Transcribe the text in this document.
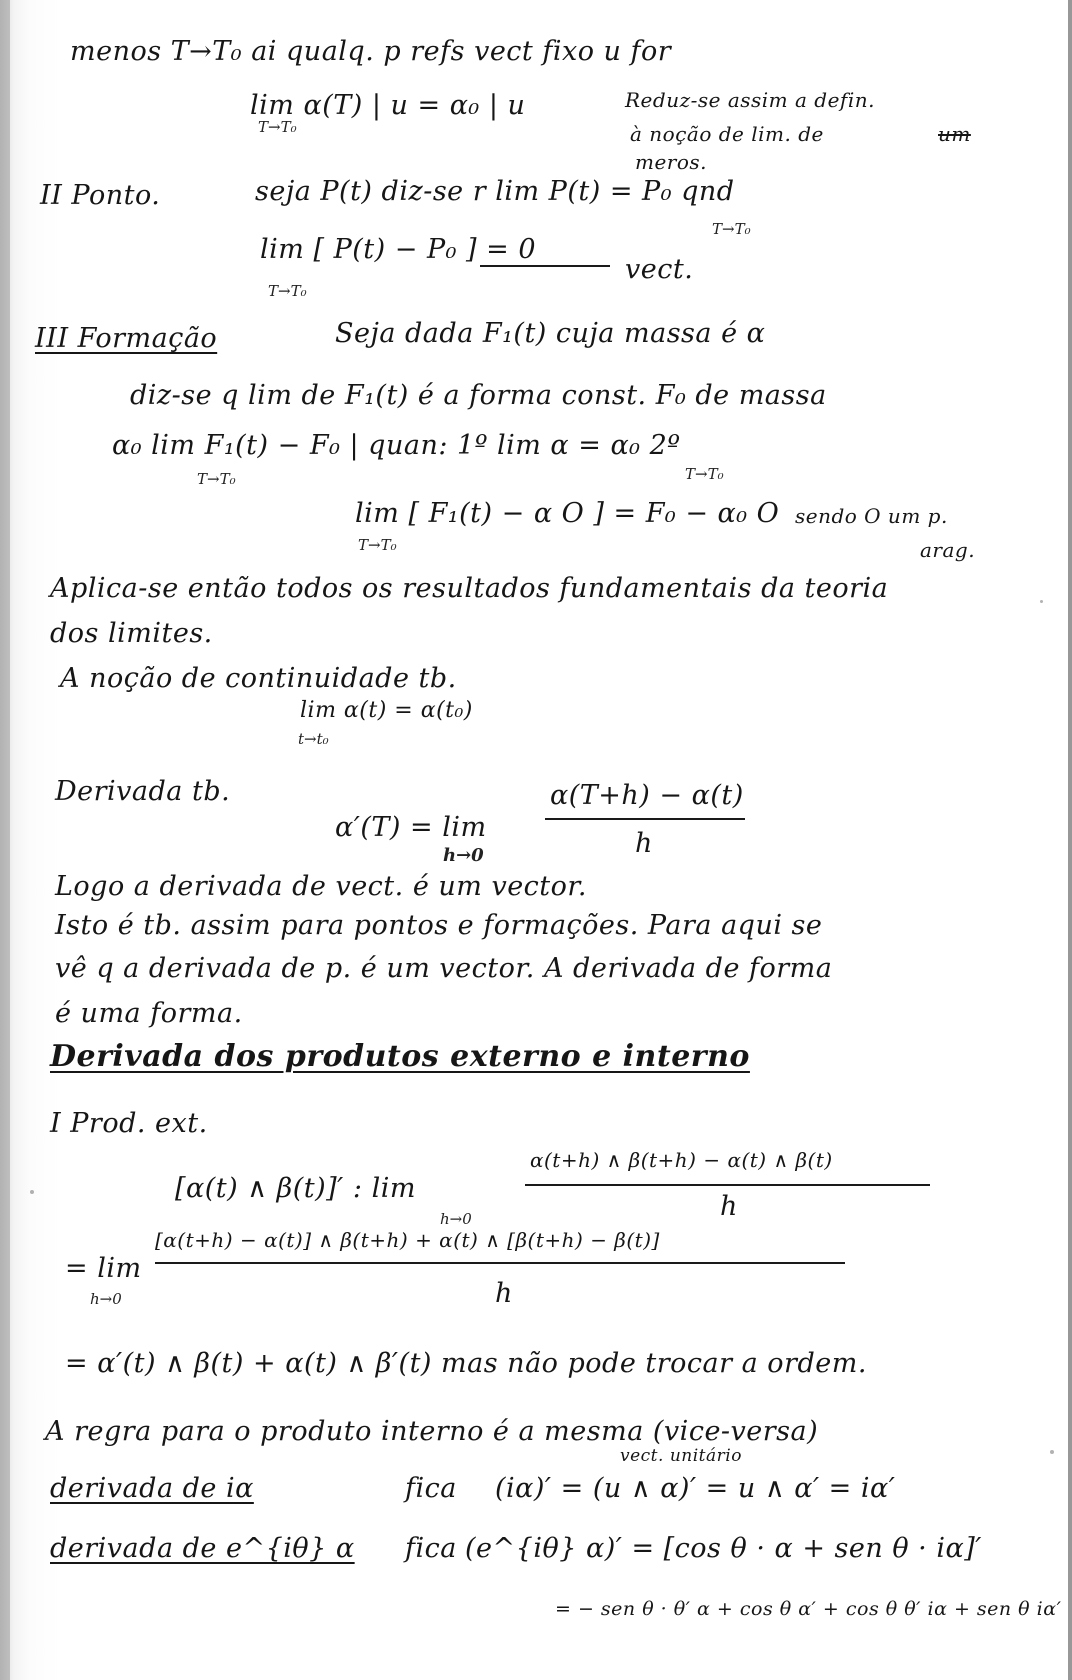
menos T→T₀ ai qualq. p refs vect fixo u for
lim α(T) | u = α₀ | u
T→T₀
Reduz-se assim a defin.
à noção de lim. de	um
meros.
II Ponto.	seja P(t) diz-se r lim P(t) = P₀ qnd
T→T₀
lim [ P(t) − P₀ ] = 0
vect.
T→T₀
III Formação	Seja dada F₁(t) cuja massa é α
diz-se q lim de F₁(t) é a forma const. F₀ de massa
α₀ lim F₁(t) − F₀ | quan: 1º lim α = α₀ 2º
T→T₀	T→T₀
lim [ F₁(t) − α O ] = F₀ − α₀ O
T→T₀
sendo O um p.
arag.
Aplica-se então todos os resultados fundamentais da teoria
dos limites.
A noção de continuidade tb.
lim α(t) = α(t₀)
t→t₀
Derivada tb.
α′(T) = lim
h→0
α(T+h) − α(t)
h
Logo a derivada de vect. é um vector.
Isto é tb. assim para pontos e formações. Para aqui se
vê q a derivada de p. é um vector. A derivada de forma
é uma forma.
Derivada dos produtos externo e interno
I Prod. ext.
[α(t) ∧ β(t)]′ : lim
h→0
α(t+h) ∧ β(t+h) − α(t) ∧ β(t)
h
= lim
h→0
[α(t+h) − α(t)] ∧ β(t+h) + α(t) ∧ [β(t+h) − β(t)]
h
= α′(t) ∧ β(t) + α(t) ∧ β′(t) mas não pode trocar a ordem.
A regra para o produto interno é a mesma (vice-versa)
vect. unitário
derivada de iα	fica (iα)′ = (u ∧ α)′ = u ∧ α′ = iα′
derivada de e^{iθ} α fica (e^{iθ} α)′ = [cos θ · α + sen θ · iα]′
= − sen θ · θ′ α + cos θ α′ + cos θ θ′ iα + sen θ iα′
